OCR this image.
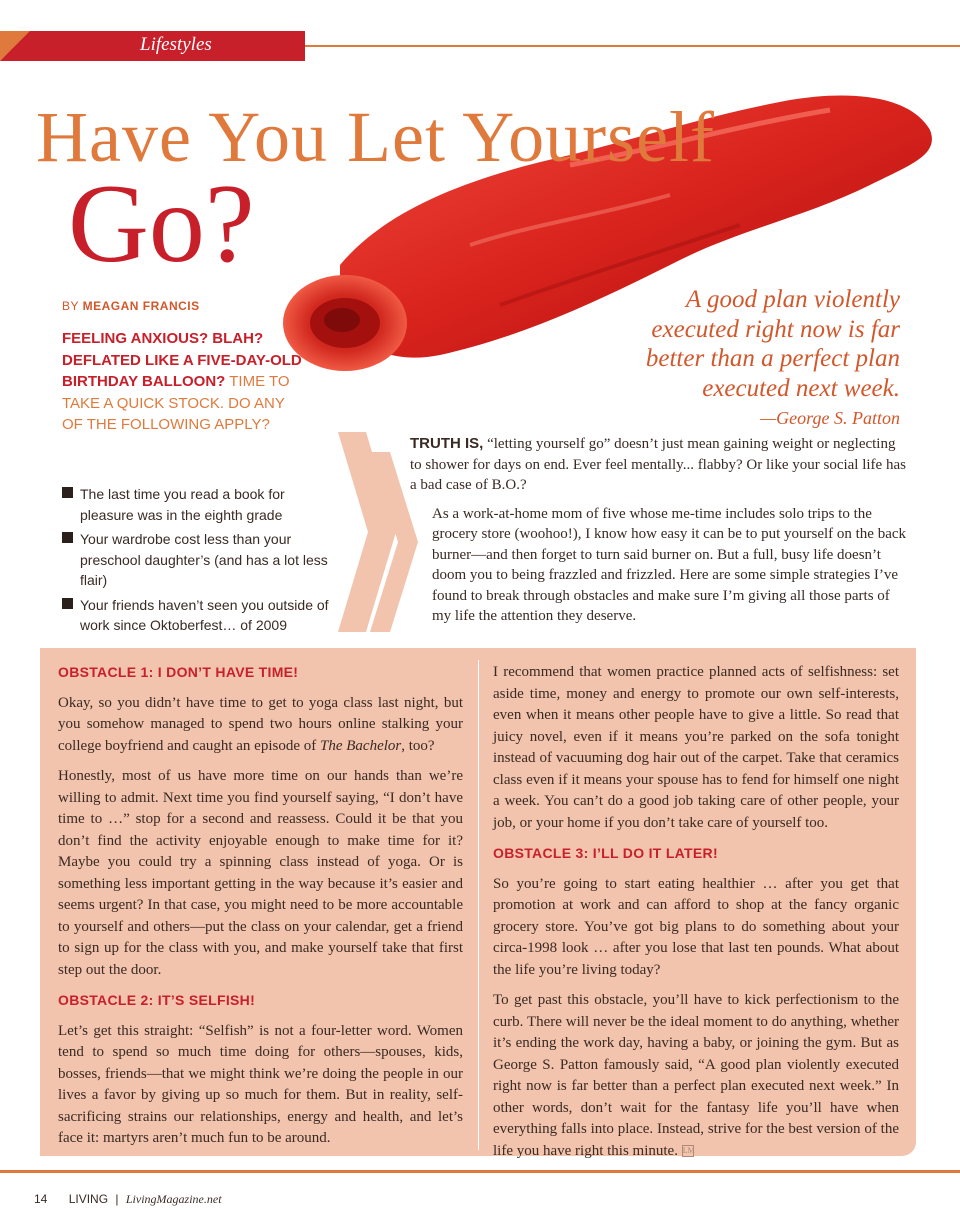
Lifestyles
Have You Let Yourself
Go?
BY MEAGAN FRANCIS
FEELING ANXIOUS? BLAH? DEFLATED LIKE A FIVE-DAY-OLD BIRTHDAY BALLOON? TIME TO TAKE A QUICK STOCK. DO ANY OF THE FOLLOWING APPLY?
The last time you read a book for pleasure was in the eighth grade
Your wardrobe cost less than your preschool daughter’s (and has a lot less flair)
Your friends haven’t seen you outside of work since Oktoberfest… of 2009
A good plan violently executed right now is far better than a perfect plan executed next week.
—George S. Patton

TRUTH IS, “letting yourself go” doesn’t just mean gaining weight or neglecting to shower for days on end. Ever feel mentally... flabby? Or like your social life has a bad case of B.O.?

As a work-at-home mom of five whose me-time includes solo trips to the grocery store (woohoo!), I know how easy it can be to put yourself on the back burner—and then forget to turn said burner on. But a full, busy life doesn’t doom you to being frazzled and frizzled. Here are some simple strategies I’ve found to break through obstacles and make sure I’m giving all those parts of my life the attention they deserve.

OBSTACLE 1: I DON’T HAVE TIME!

Okay, so you didn’t have time to get to yoga class last night, but you somehow managed to spend two hours online stalking your college boyfriend and caught an episode of The Bachelor, too?

Honestly, most of us have more time on our hands than we’re willing to admit. Next time you find yourself saying, “I don’t have time to …” stop for a second and reassess. Could it be that you don’t find the activity enjoyable enough to make time for it? Maybe you could try a spinning class instead of yoga. Or is something less important getting in the way because it’s easier and seems urgent? In that case, you might need to be more accountable to yourself and others—put the class on your calendar, get a friend to sign up for the class with you, and make yourself take that first step out the door.

OBSTACLE 2: IT’S SELFISH!

Let’s get this straight: “Selfish” is not a four-letter word. Women tend to spend so much time doing for others—spouses, kids, bosses, friends—that we might think we’re doing the people in our lives a favor by giving up so much for them. But in reality, self-sacrificing strains our relationships, energy and health, and let’s face it: martyrs aren’t much fun to be around.

I recommend that women practice planned acts of selfishness: set aside time, money and energy to promote our own self-interests, even when it means other people have to give a little. So read that juicy novel, even if it means you’re parked on the sofa tonight instead of vacuuming dog hair out of the carpet. Take that ceramics class even if it means your spouse has to fend for himself one night a week. You can’t do a good job taking care of other people, your job, or your home if you don’t take care of yourself too.

OBSTACLE 3: I’LL DO IT LATER!

So you’re going to start eating healthier … after you get that promotion at work and can afford to shop at the fancy organic grocery store. You’ve got big plans to do something about your circa-1998 look … after you lose that last ten pounds. What about the life you’re living today?

To get past this obstacle, you’ll have to kick perfectionism to the curb. There will never be the ideal moment to do anything, whether it’s ending the work day, having a baby, or joining the gym. But as George S. Patton famously said, “A good plan violently executed right now is far better than a perfect plan executed next week.” In other words, don’t wait for the fantasy life you’ll have when everything falls into place. Instead, strive for the best version of the life you have right this minute. LM

14 LIVING | LivingMagazine.net
